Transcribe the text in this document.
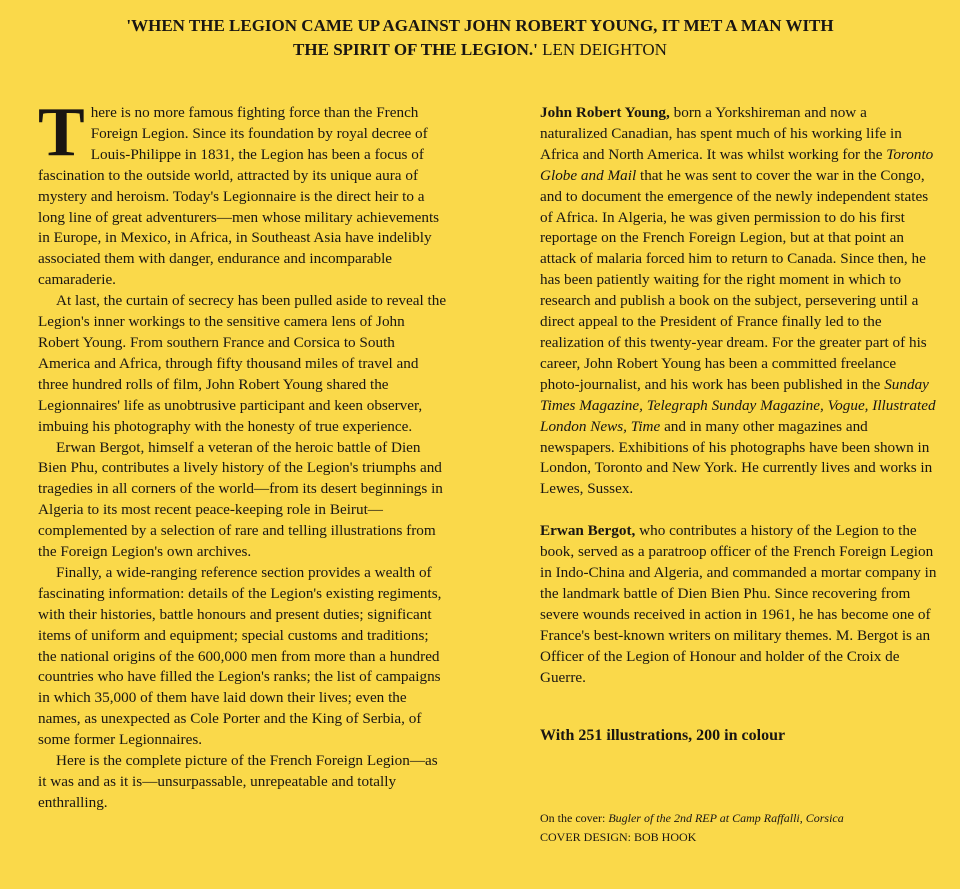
'WHEN THE LEGION CAME UP AGAINST JOHN ROBERT YOUNG, IT MET A MAN WITH
THE SPIRIT OF THE LEGION.' LEN DEIGHTON

There is no more famous fighting force than the French Foreign Legion. Since its foundation by royal decree of Louis-Philippe in 1831, the Legion has been a focus of fascination to the outside world, attracted by its unique aura of mystery and heroism. Today's Legionnaire is the direct heir to a long line of great adventurers—men whose military achievements in Europe, in Mexico, in Africa, in Southeast Asia have indelibly associated them with danger, endurance and incomparable camaraderie.

At last, the curtain of secrecy has been pulled aside to reveal the Legion's inner workings to the sensitive camera lens of John Robert Young. From southern France and Corsica to South America and Africa, through fifty thousand miles of travel and three hundred rolls of film, John Robert Young shared the Legionnaires' life as unobtrusive participant and keen observer, imbuing his photography with the honesty of true experience.

Erwan Bergot, himself a veteran of the heroic battle of Dien Bien Phu, contributes a lively history of the Legion's triumphs and tragedies in all corners of the world—from its desert beginnings in Algeria to its most recent peace-keeping role in Beirut—complemented by a selection of rare and telling illustrations from the Foreign Legion's own archives.

Finally, a wide-ranging reference section provides a wealth of fascinating information: details of the Legion's existing regiments, with their histories, battle honours and present duties; significant items of uniform and equipment; special customs and traditions; the national origins of the 600,000 men from more than a hundred countries who have filled the Legion's ranks; the list of campaigns in which 35,000 of them have laid down their lives; even the names, as unexpected as Cole Porter and the King of Serbia, of some former Legionnaires.

Here is the complete picture of the French Foreign Legion—as it was and as it is—unsurpassable, unrepeatable and totally enthralling.

John Robert Young, born a Yorkshireman and now a naturalized Canadian, has spent much of his working life in Africa and North America. It was whilst working for the Toronto Globe and Mail that he was sent to cover the war in the Congo, and to document the emergence of the newly independent states of Africa. In Algeria, he was given permission to do his first reportage on the French Foreign Legion, but at that point an attack of malaria forced him to return to Canada. Since then, he has been patiently waiting for the right moment in which to research and publish a book on the subject, persevering until a direct appeal to the President of France finally led to the realization of this twenty-year dream. For the greater part of his career, John Robert Young has been a committed freelance photo-journalist, and his work has been published in the Sunday Times Magazine, Telegraph Sunday Magazine, Vogue, Illustrated London News, Time and in many other magazines and newspapers. Exhibitions of his photographs have been shown in London, Toronto and New York. He currently lives and works in Lewes, Sussex.

Erwan Bergot, who contributes a history of the Legion to the book, served as a paratroop officer of the French Foreign Legion in Indo-China and Algeria, and commanded a mortar company in the landmark battle of Dien Bien Phu. Since recovering from severe wounds received in action in 1961, he has become one of France's best-known writers on military themes. M. Bergot is an Officer of the Legion of Honour and holder of the Croix de Guerre.

With 251 illustrations, 200 in colour
On the cover: Bugler of the 2nd REP at Camp Raffalli, Corsica
COVER DESIGN: BOB HOOK
